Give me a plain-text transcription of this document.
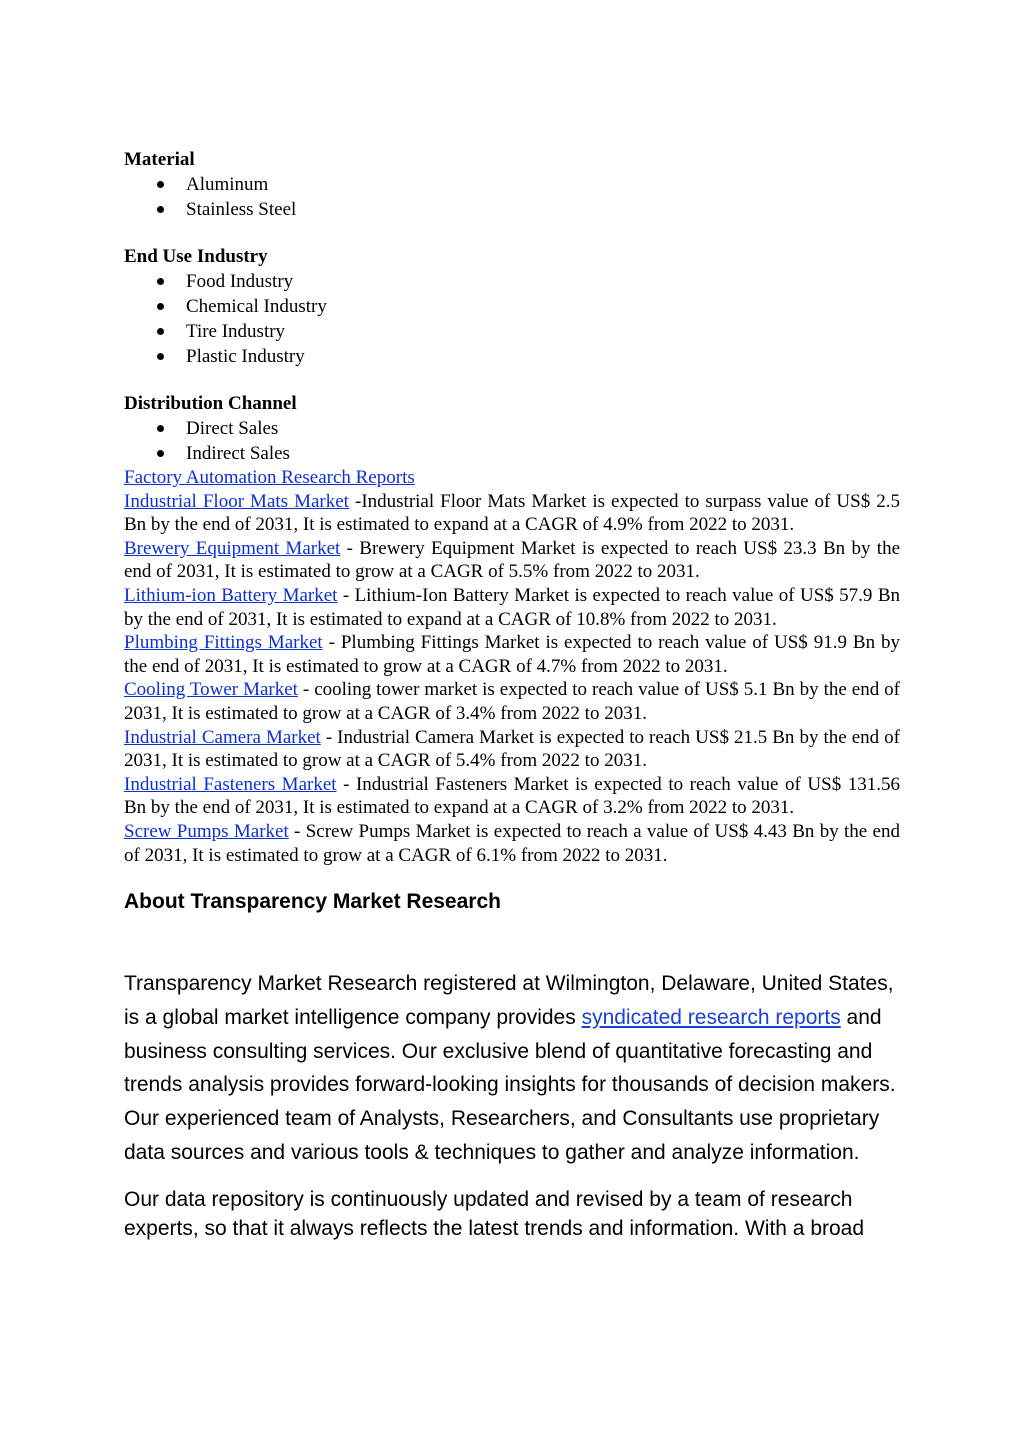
Material

Aluminum
Stainless Steel

End Use Industry

Food Industry
Chemical Industry
Tire Industry
Plastic Industry

Distribution Channel

Direct Sales
Indirect Sales

Factory Automation Research Reports

Industrial Floor Mats Market -Industrial Floor Mats Market is expected to surpass value of US$ 2.5 Bn by the end of 2031, It is estimated to expand at a CAGR of 4.9% from 2022 to 2031.

Brewery Equipment Market - Brewery Equipment Market is expected to reach US$ 23.3 Bn by the end of 2031, It is estimated to grow at a CAGR of 5.5% from 2022 to 2031.

Lithium-ion Battery Market - Lithium-Ion Battery Market is expected to reach value of US$ 57.9 Bn by the end of 2031, It is estimated to expand at a CAGR of 10.8% from 2022 to 2031.

Plumbing Fittings Market - Plumbing Fittings Market is expected to reach value of US$ 91.9 Bn by the end of 2031, It is estimated to grow at a CAGR of 4.7% from 2022 to 2031.

Cooling Tower Market - cooling tower market is expected to reach value of US$ 5.1 Bn by the end of 2031, It is estimated to grow at a CAGR of 3.4% from 2022 to 2031.

Industrial Camera Market - Industrial Camera Market is expected to reach US$ 21.5 Bn by the end of 2031, It is estimated to grow at a CAGR of 5.4% from 2022 to 2031.

Industrial Fasteners Market - Industrial Fasteners Market is expected to reach value of US$ 131.56 Bn by the end of 2031, It is estimated to expand at a CAGR of 3.2% from 2022 to 2031.

Screw Pumps Market - Screw Pumps Market is expected to reach a value of US$ 4.43 Bn by the end of 2031, It is estimated to grow at a CAGR of 6.1% from 2022 to 2031.

About Transparency Market Research

Transparency Market Research registered at Wilmington, Delaware, United States, is a global market intelligence company provides syndicated research reports and business consulting services. Our exclusive blend of quantitative forecasting and trends analysis provides forward-looking insights for thousands of decision makers. Our experienced team of Analysts, Researchers, and Consultants use proprietary data sources and various tools & techniques to gather and analyze information.

Our data repository is continuously updated and revised by a team of research experts, so that it always reflects the latest trends and information. With a broad
